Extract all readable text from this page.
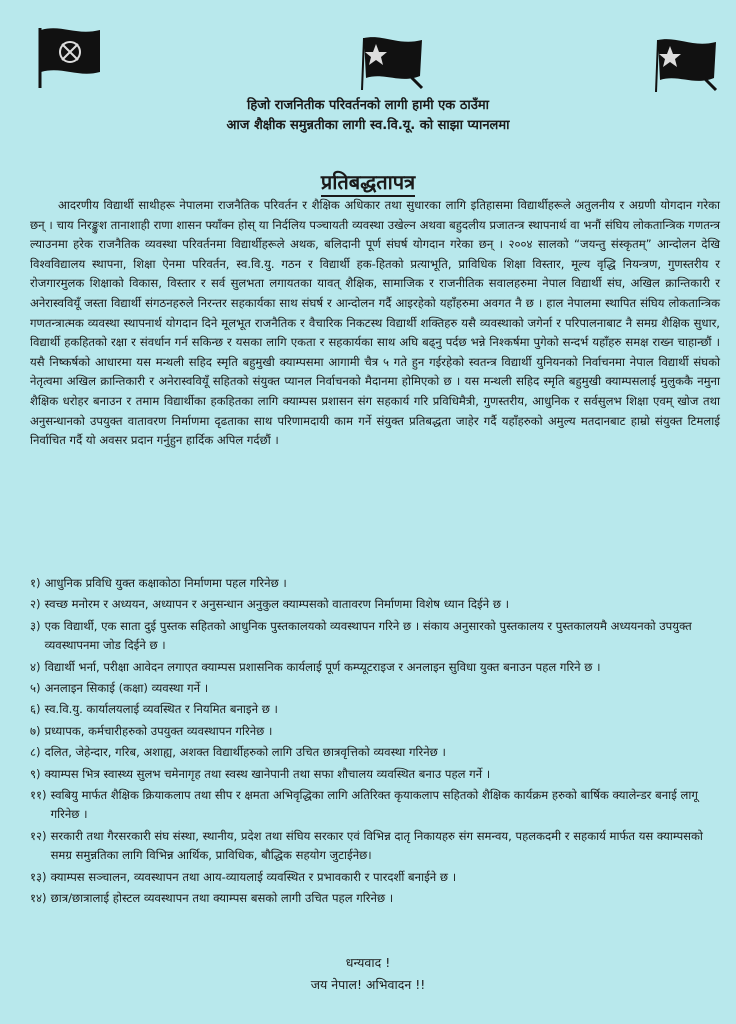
हिजो राजनितीक परिवर्तनको लागी हामी एक ठाउँमा
आज शैक्षीक समुन्नतीका लागी स्व.वि.यू. को साझा प्यानलमा
प्रतिबद्धतापत्र
आदरणीय विद्यार्थी साथीहरू नेपालमा राजनैतिक परिवर्तन र शैक्षिक अधिकार तथा सुधारका लागि इतिहासमा विद्यार्थीहरूले अतुलनीय र अग्रणी योगदान गरेका छन् । चाय निरङ्कुश तानाशाही राणा शासन फ्याँक्न होस् या निर्दलिय पञ्चायती व्यवस्था उखेल्न अथवा बहुदलीय प्रजातन्त्र स्थापनार्थ वा भनौं संघिय लोकतान्त्रिक गणतन्त्र ल्याउनमा हरेक राजनैतिक व्यवस्था परिवर्तनमा विद्यार्थीहरूले अथक, बलिदानी पूर्ण संघर्ष योगदान गरेका छन् । २००४ सालको “जयन्तु संस्कृतम्” आन्दोलन देखि विश्वविद्यालय स्थापना, शिक्षा ऐनमा परिवर्तन, स्व.वि.यु. गठन र विद्यार्थी हक-हितको प्रत्याभूति, प्राविधिक शिक्षा विस्तार, मूल्य वृद्धि नियन्त्रण, गुणस्तरीय र रोजगारमुलक शिक्षाको विकास, विस्तार र सर्व सुलभता लगायतका यावत् शैक्षिक, सामाजिक र राजनीतिक सवालहरुमा नेपाल विद्यार्थी संघ, अखिल क्रान्तिकारी र अनेरास्ववियूँ जस्ता विद्यार्थी संगठनहरुले निरन्तर सहकार्यका साथ संघर्ष र आन्दोलन गर्दै आइरहेको यहाँहरुमा अवगत नै छ । हाल नेपालमा स्थापित संघिय लोकतान्त्रिक गणतन्त्रात्मक व्यवस्था स्थापनार्थ योगदान दिने मूलभूत राजनैतिक र वैचारिक निकटस्थ विद्यार्थी शक्तिहरु यसै व्यवस्थाको जगेर्ना र परिपालनाबाट नै समग्र शैक्षिक सुधार, विद्यार्थी हकहितको रक्षा र संवर्धान गर्न सकिन्छ र यसका लागि एकता र सहकार्यका साथ अघि बढ्नु पर्दछ भन्ने निश्कर्षमा पुगेको सन्दर्भ यहाँहरु समक्ष राख्न चाहान्छौं । यसै निष्कर्षको आधारमा यस मन्थली सहिद स्मृति बहुमुखी क्याम्पसमा आगामी चैत्र ५ गते हुन गईरहेको स्वतन्त्र विद्यार्थी युनियनको निर्वाचनमा नेपाल विद्यार्थी संघको नेतृत्वमा अखिल क्रान्तिकारी र अनेरास्ववियूँ सहितको संयुक्त प्यानल निर्वाचनको मैदानमा होमिएको छ । यस मन्थली सहिद स्मृति बहुमुखी क्याम्पसलाई मुलुककै नमुना शैक्षिक धरोहर बनाउन र तमाम विद्यार्थीका हकहितका लागि क्याम्पस प्रशासन संग सहकार्य गरि प्रविधिमैत्री, गुणस्तरीय, आधुनिक र सर्वसुलभ शिक्षा एवम् खोज तथा अनुसन्धानको उपयुक्त वातावरण निर्माणमा दृढताका साथ परिणामदायी काम गर्ने संयुक्त प्रतिबद्धता जाहेर गर्दै यहाँहरुको अमुल्य मतदानबाट हाम्रो संयुक्त टिमलाई निर्वाचित गर्दै यो अवसर प्रदान गर्नुहुन हार्दिक अपिल गर्दछौं ।
१) आधुनिक प्रविधि युक्त कक्षाकोठा निर्माणमा पहल गरिनेछ ।
२) स्वच्छ मनोरम र अध्ययन, अध्यापन र अनुसन्धान अनुकुल क्याम्पसको वातावरण निर्माणमा विशेष ध्यान दिईने छ ।
३) एक विद्यार्थी, एक साता दुई पुस्तक सहितको आधुनिक पुस्तकालयको व्यवस्थापन गरिने छ । संकाय अनुसारको पुस्तकालय र पुस्तकालयमै अध्ययनको उपयुक्त व्यवस्थापनमा जोड दिईने छ ।
४) विद्यार्थी भर्ना, परीक्षा आवेदन लगाएत क्याम्पस प्रशासनिक कार्यलाई पूर्ण कम्प्यूटराइज र अनलाइन सुविधा युक्त बनाउन पहल गरिने छ ।
५) अनलाइन सिकाई (कक्षा) व्यवस्था गर्ने ।
६) स्व.वि.यु. कार्यालयलाई व्यवस्थित र नियमित बनाइने छ ।
७) प्रध्यापक, कर्मचारीहरुको उपयुक्त व्यवस्थापन गरिनेछ ।
८) दलित, जेहेन्दार, गरिब, अशाह्य, अशक्त विद्यार्थीहरुको लागि उचित छात्रवृत्तिको व्यवस्था गरिनेछ ।
९) क्याम्पस भित्र स्वास्थ्य सुलभ चमेनागृह तथा स्वस्थ खानेपानी तथा सफा शौचालय व्यवस्थित बनाउ पहल गर्ने ।
११) स्वबियु मार्फत शैक्षिक क्रियाकलाप तथा सीप र क्षमता अभिवृद्धिका लागि अतिरिक्त कृयाकलाप सहितको शैक्षिक कार्यक्रम हरुको बार्षिक क्यालेन्डर बनाई लागू गरिनेछ ।
१२) सरकारी तथा गैरसरकारी संघ संस्था, स्थानीय, प्रदेश तथा संघिय सरकार एवं विभिन्न दातृ निकायहरु संग समन्वय, पहलकदमी र सहकार्य मार्फत यस क्याम्पसको समग्र समुन्नतिका लागि विभिन्न आर्थिक, प्राविधिक, बौद्धिक सहयोग जुटाईनेछ।
१३) क्याम्पस सञ्चालन, व्यवस्थापन तथा आय-व्यायलाई व्यवस्थित र प्रभावकारी र पारदर्शी बनाईने छ ।
१४) छात्र/छात्रालाई होस्टल व्यवस्थापन तथा क्याम्पस बसको लागी उचित पहल गरिनेछ ।
धन्यवाद !
जय नेपाल! अभिवादन !!
